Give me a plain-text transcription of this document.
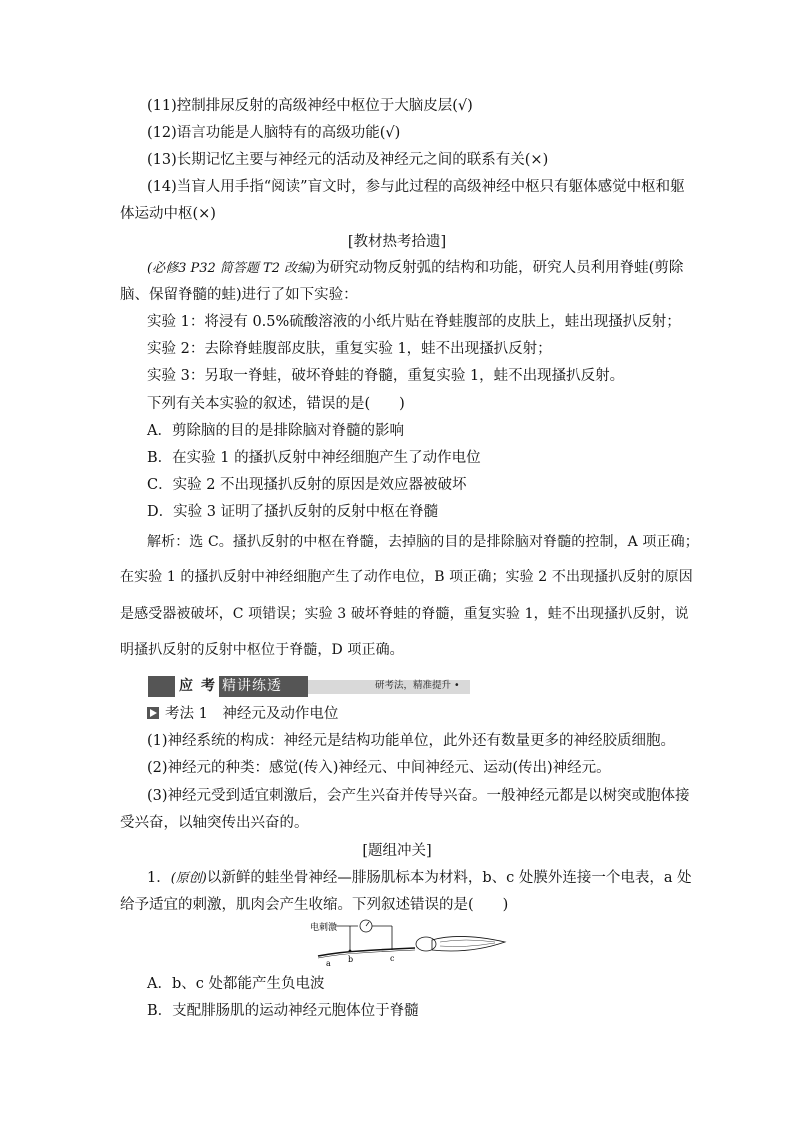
(11)控制排尿反射的高级神经中枢位于大脑皮层(√)
(12)语言功能是人脑特有的高级功能(√)
(13)长期记忆主要与神经元的活动及神经元之间的联系有关(×)
(14)当盲人用手指“阅读”盲文时，参与此过程的高级神经中枢只有躯体感觉中枢和躯
体运动中枢(×)
[教材热考拾遗]
(必修3 P32 简答题 T2 改编)为研究动物反射弧的结构和功能，研究人员利用脊蛙(剪除
脑、保留脊髓的蛙)进行了如下实验：
实验 1：将浸有 0.5%硫酸溶液的小纸片贴在脊蛙腹部的皮肤上，蛙出现搔扒反射；
实验 2：去除脊蛙腹部皮肤，重复实验 1，蛙不出现搔扒反射；
实验 3：另取一脊蛙，破坏脊蛙的脊髓，重复实验 1，蛙不出现搔扒反射。
下列有关本实验的叙述，错误的是(　　)
A．剪除脑的目的是排除脑对脊髓的影响
B．在实验 1 的搔扒反射中神经细胞产生了动作电位
C．实验 2 不出现搔扒反射的原因是效应器被破坏
D．实验 3 证明了搔扒反射的反射中枢在脊髓
解析：选 C。搔扒反射的中枢在脊髓，去掉脑的目的是排除脑对脊髓的控制，A 项正确；
在实验 1 的搔扒反射中神经细胞产生了动作电位，B 项正确；实验 2 不出现搔扒反射的原因
是感受器被破坏，C 项错误；实验 3 破坏脊蛙的脊髓，重复实验 1，蛙不出现搔扒反射，说
明搔扒反射的反射中枢位于脊髓，D 项正确。
应 考 精讲练透	研考法，精准提升 •
考法 1　神经元及动作电位
(1)神经系统的构成：神经元是结构功能单位，此外还有数量更多的神经胶质细胞。
(2)神经元的种类：感觉(传入)神经元、中间神经元、运动(传出)神经元。
(3)神经元受到适宜刺激后，会产生兴奋并传导兴奋。一般神经元都是以树突或胞体接
受兴奋，以轴突传出兴奋的。
[题组冲关]
1．(原创)以新鲜的蛙坐骨神经—腓肠肌标本为材料，b、c 处膜外连接一个电表，a 处
给予适宜的刺激，肌肉会产生收缩。下列叙述错误的是(　　)
电刺激
a b	c
A．b、c 处都能产生负电波
B．支配腓肠肌的运动神经元胞体位于脊髓
